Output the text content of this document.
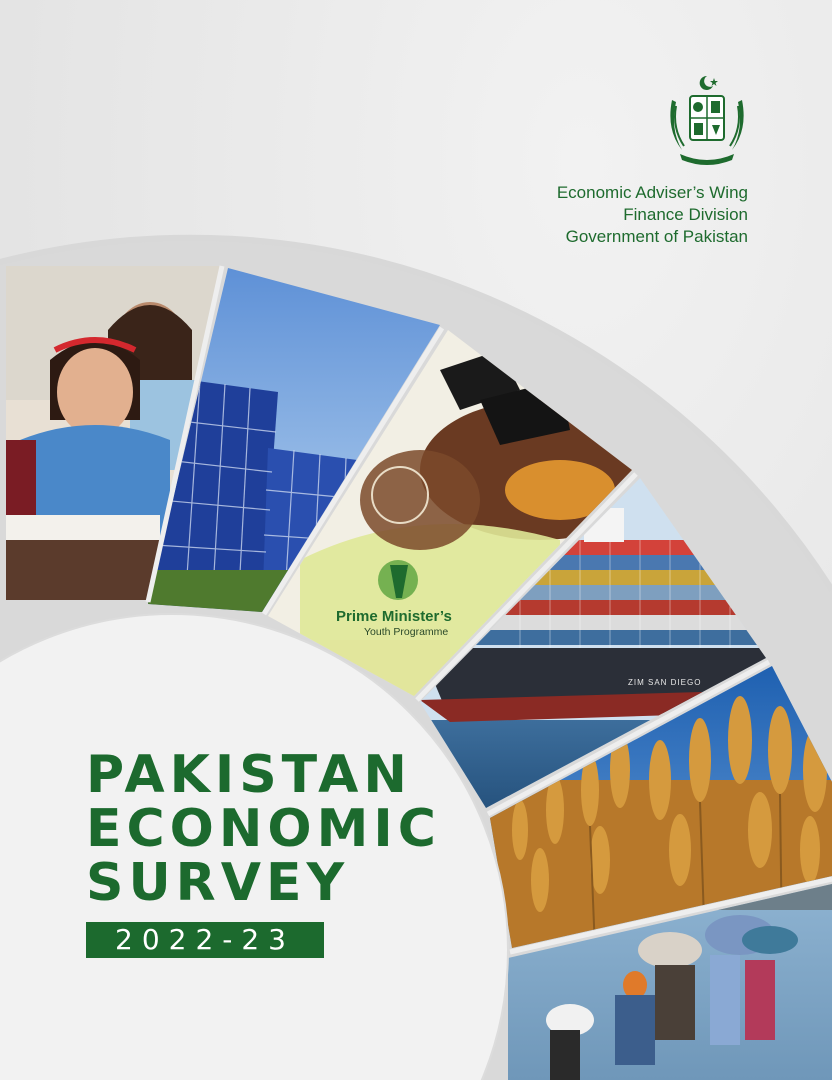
Economic Adviser’s Wing
Finance Division
Government of Pakistan
Prime Minister’s
Youth Programme
ZIM SAN DIEGO
PAKISTAN
ECONOMIC
SURVEY
2022-23
